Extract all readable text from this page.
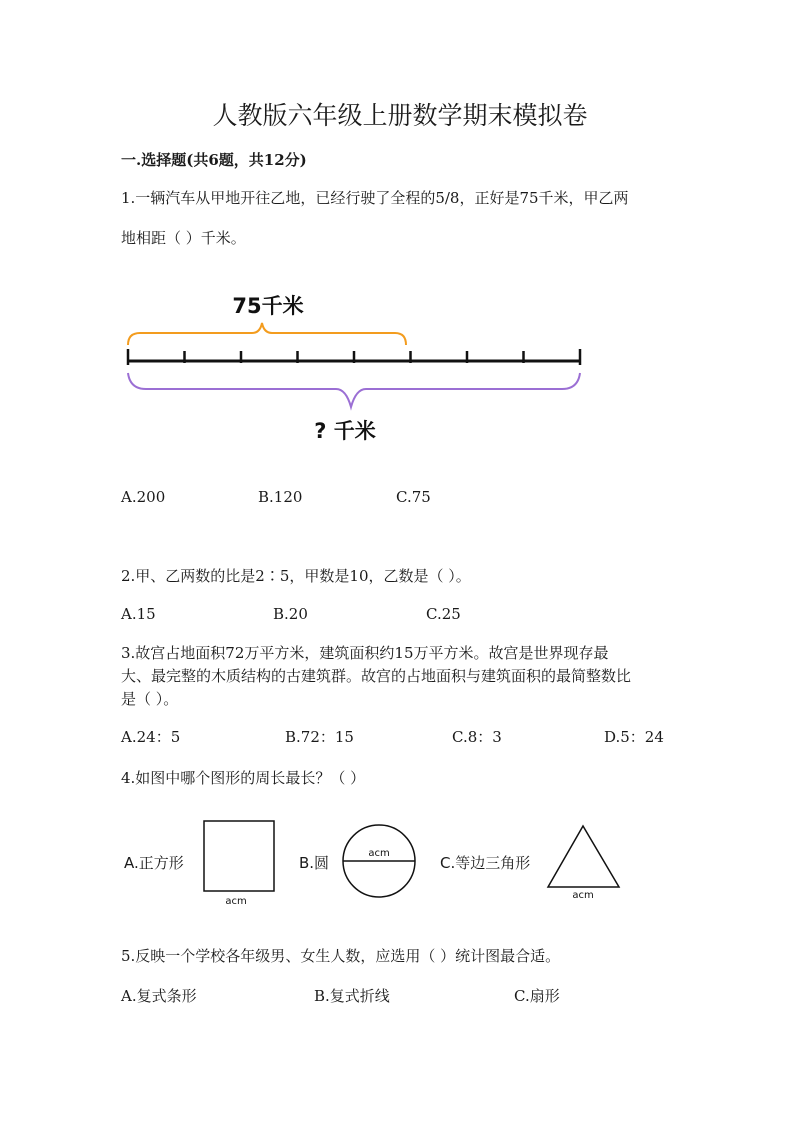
人教版六年级上册数学期末模拟卷
一.选择题(共6题，共12分)
1.一辆汽车从甲地开往乙地，已经行驶了全程的5/8，正好是75千米，甲乙两
地相距（ ）千米。
75千米
? 千米
A.200	B.120	C.75
2.甲、乙两数的比是2∶5，甲数是10，乙数是（ ）。
A.15	B.20	C.25
3.故宫占地面积72万平方米，建筑面积约15万平方米。故宫是世界现存最
大、最完整的木质结构的古建筑群。故宫的占地面积与建筑面积的最简整数比
是（ ）。
A.24：5	B.72：15	C.8：3	D.5：24
4.如图中哪个图形的周长最长？（ ）
A.正方形
acm
B.圆
acm
C.等边三角形
acm
5.反映一个学校各年级男、女生人数，应选用（ ）统计图最合适。
A.复式条形	B.复式折线	C.扇形
